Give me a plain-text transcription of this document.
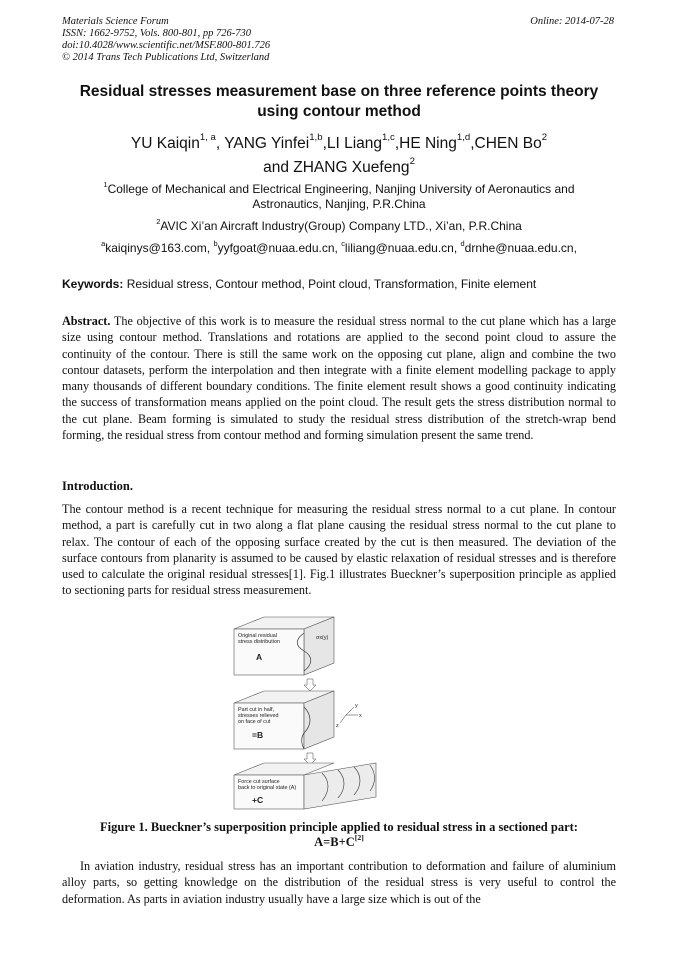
Materials Science Forum
ISSN: 1662-9752, Vols. 800-801, pp 726-730
doi:10.4028/www.scientific.net/MSF.800-801.726
© 2014 Trans Tech Publications Ltd, Switzerland
Online: 2014-07-28
Residual stresses measurement base on three reference points theory
using contour method
YU Kaiqin$^{1, a}$, YANG Yinfei$^{1,b}$,LI Liang$^{1,c}$,HE Ning$^{1,d}$,CHEN Bo$^2$
and ZHANG Xuefeng$^2$
$^1$College of Mechanical and Electrical Engineering, Nanjing University of Aeronautics and
Astronautics, Nanjing, P.R.China
$^2$AVIC Xi’an Aircraft Industry(Group) Company LTD., Xi’an, P.R.China
$^a$kaiqinys@163.com, $^b$yyfgoat@nuaa.edu.cn, $^c$liliang@nuaa.edu.cn, $^d$drnhe@nuaa.edu.cn,
Keywords: Residual stress, Contour method, Point cloud, Transformation, Finite element
Abstract. The objective of this work is to measure the residual stress normal to the cut plane which has a large size using contour method. Translations and rotations are applied to the second point cloud to assure the continuity of the contour. There is still the same work on the opposing cut plane, align and combine the two contour datasets, perform the interpolation and then integrate with a finite element modelling package to apply many thousands of different boundary conditions. The finite element result shows a good continuity indicating the success of transformation means applied on the point cloud. The result gets the stress distribution normal to the cut plane. Beam forming is simulated to study the residual stress distribution of the stretch-wrap bend forming, the residual stress from contour method and forming simulation present the same trend.
Introduction.
The contour method is a recent technique for measuring the residual stress normal to a cut plane. In contour method, a part is carefully cut in two along a flat plane causing the residual stress normal to the cut plane to relax. The contour of each of the opposing surface created by the cut is then measured. The deviation of the surface contours from planarity is assumed to be caused by elastic relaxation of residual stresses and is therefore used to calculate the original residual stresses[1]. Fig.1 illustrates Bueckner’s superposition principle as applied to sectioning parts for residual stress measurement.
Original residual
stress distribution
A
σx(y)
y
x
z
Part cut in half,
stresses relieved
on face of cut
=B
Force cut surface
back to original state (A)
+C
Figure 1. Bueckner’s superposition principle applied to residual stress in a sectioned part:
A=B+C[2]
In aviation industry, residual stress has an important contribution to deformation and failure of aluminium alloy parts, so getting knowledge on the distribution of the residual stress is very useful to control the deformation. As parts in aviation industry usually have a large size which is out of the
